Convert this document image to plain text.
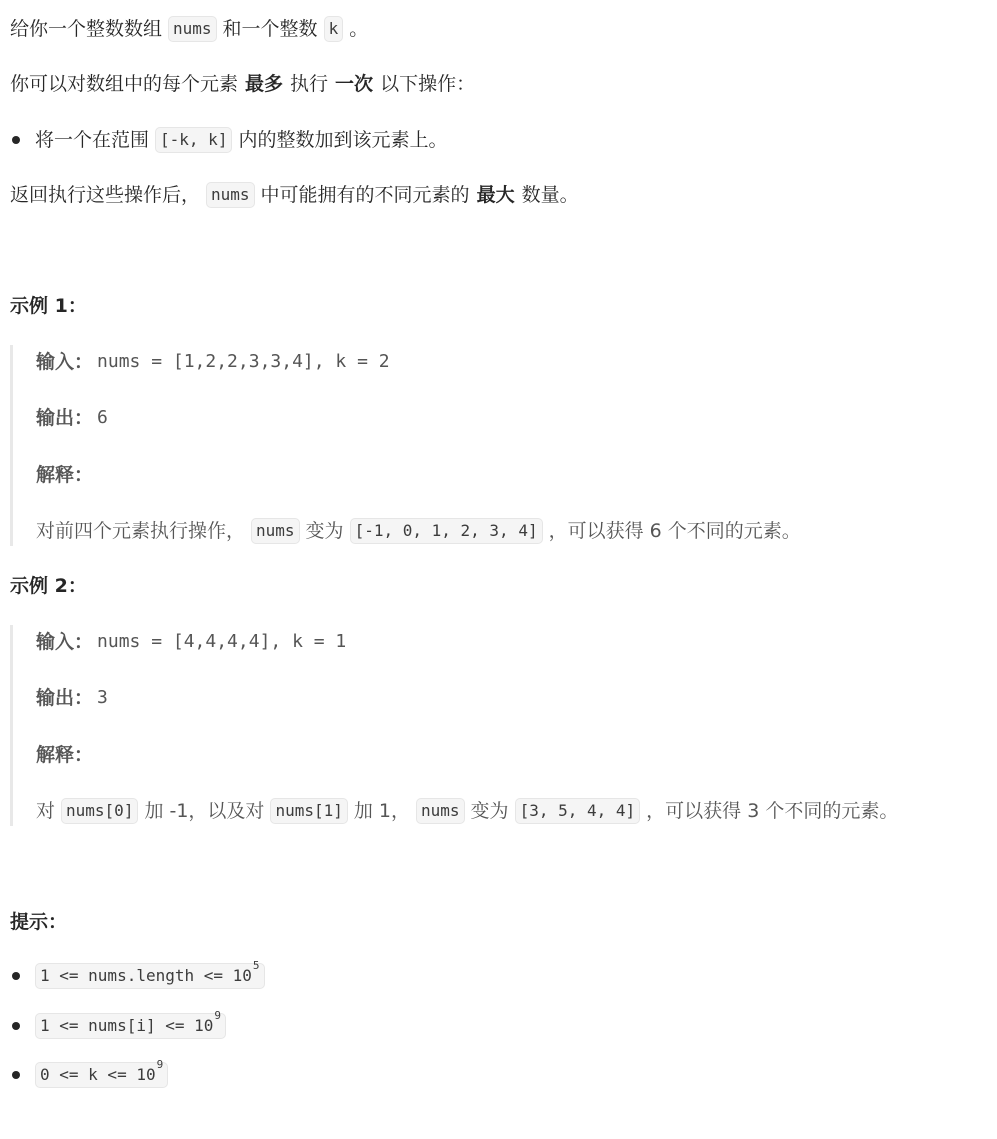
给你一个整数数组 nums 和一个整数 k 。
你可以对数组中的每个元素 最多 执行 一次 以下操作：
将一个在范围 [-k, k] 内的整数加到该元素上。
返回执行这些操作后， nums 中可能拥有的不同元素的 最大 数量。
示例 1：
输入： nums = [1,2,2,3,3,4], k = 2
输出： 6
解释：
对前四个元素执行操作， nums 变为 [-1, 0, 1, 2, 3, 4] ，可以获得 6 个不同的元素。
示例 2：
输入： nums = [4,4,4,4], k = 1
输出： 3
解释：
对 nums[0] 加 -1，以及对 nums[1] 加 1， nums 变为 [3, 5, 4, 4] ，可以获得 3 个不同的元素。
提示：
1 <= nums.length <= $10^5$
1 <= nums[i] <= $10^9$
$0 <= k <= 10^9$
